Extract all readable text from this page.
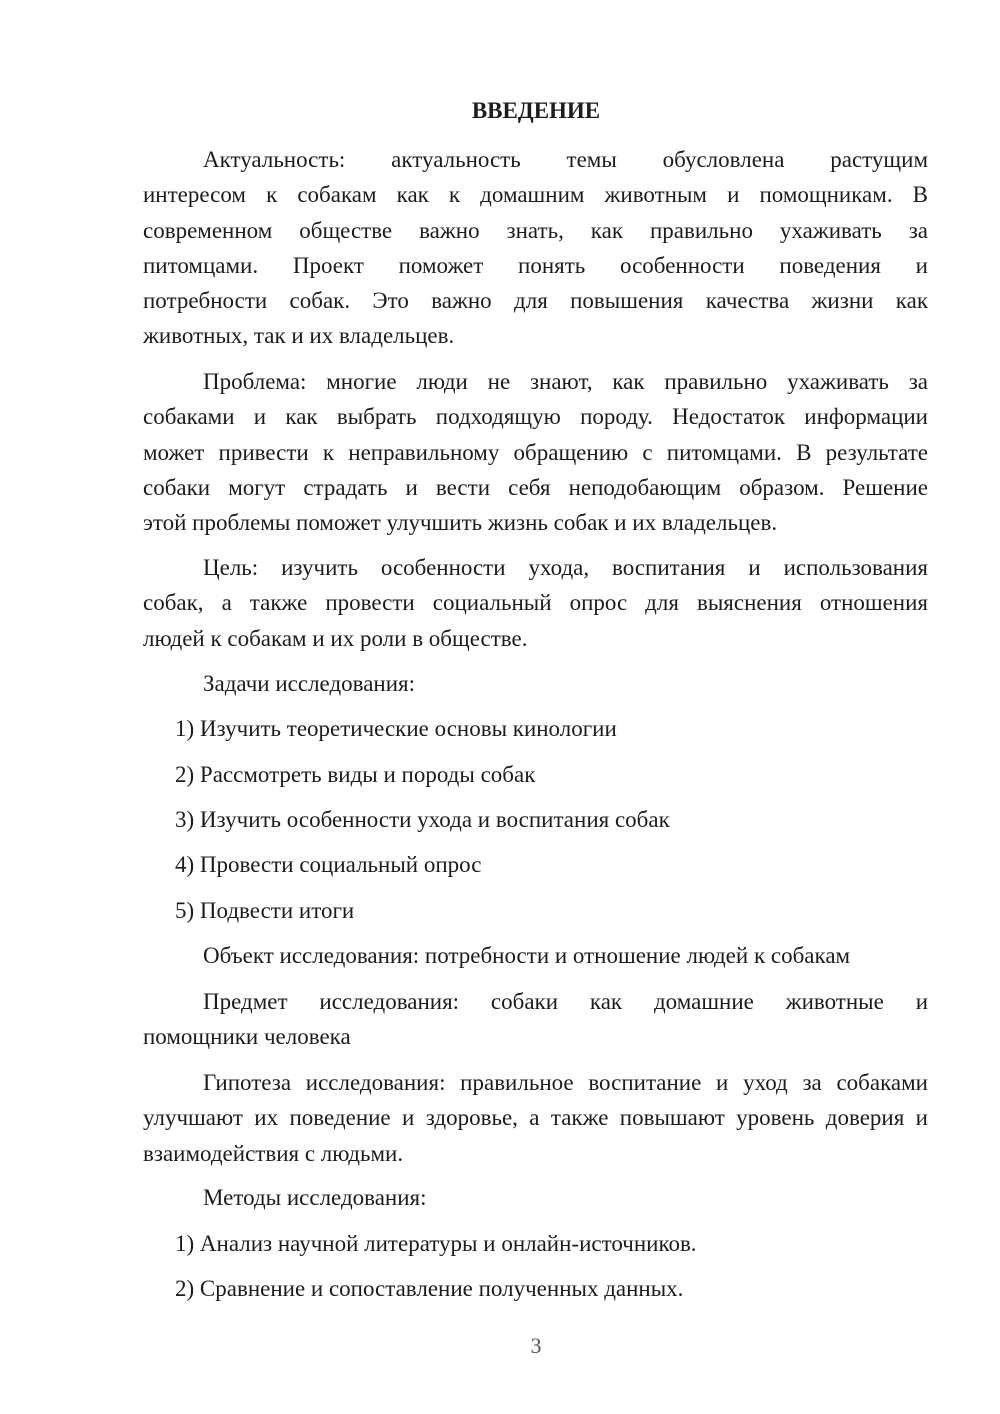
ВВЕДЕНИЕ
Актуальность: актуальность темы обусловлена растущим
интересом к собакам как к домашним животным и помощникам. В
современном обществе важно знать, как правильно ухаживать за
питомцами. Проект поможет понять особенности поведения и
потребности собак. Это важно для повышения качества жизни как
животных, так и их владельцев.
Проблема: многие люди не знают, как правильно ухаживать за
собаками и как выбрать подходящую породу. Недостаток информации
может привести к неправильному обращению с питомцами. В результате
собаки могут страдать и вести себя неподобающим образом. Решение
этой проблемы поможет улучшить жизнь собак и их владельцев.
Цель: изучить особенности ухода, воспитания и использования
собак, а также провести социальный опрос для выяснения отношения
людей к собакам и их роли в обществе.
Задачи исследования:
1) Изучить теоретические основы кинологии
2) Рассмотреть виды и породы собак
3) Изучить особенности ухода и воспитания собак
4) Провести социальный опрос
5) Подвести итоги
Объект исследования: потребности и отношение людей к собакам
Предмет исследования: собаки как домашние животные и
помощники человека
Гипотеза исследования: правильное воспитание и уход за собаками
улучшают их поведение и здоровье, а также повышают уровень доверия и
взаимодействия с людьми.
Методы исследования:
1) Анализ научной литературы и онлайн-источников.
2) Сравнение и сопоставление полученных данных.
3
